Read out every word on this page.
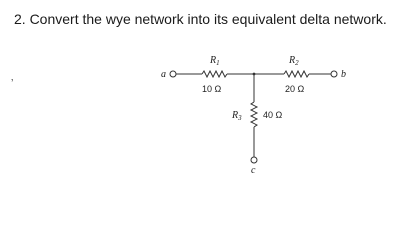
2. Convert the wye network into its equivalent delta network.
ʼ
a	b
c
$R_1$
10 Ω
$R_2$
20 Ω
$R_3$ 40 Ω
